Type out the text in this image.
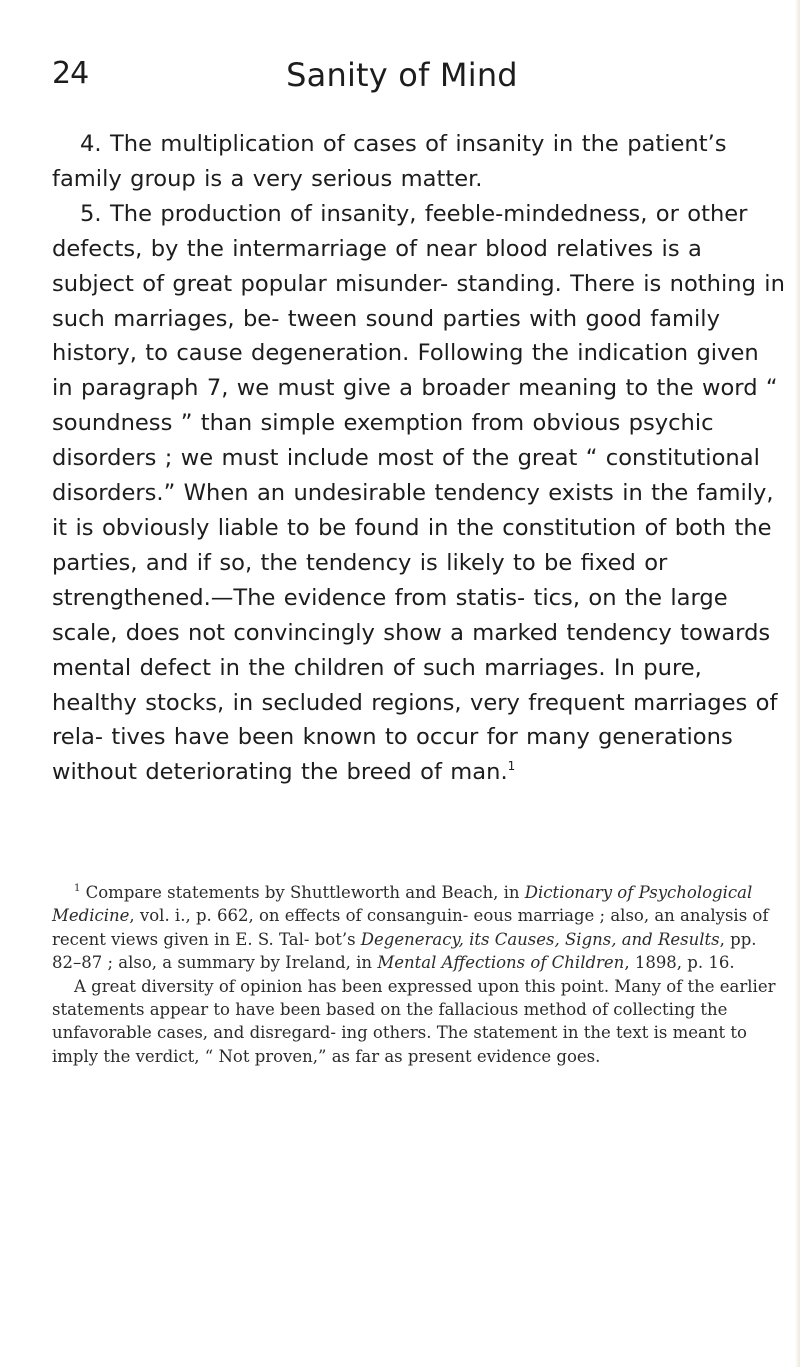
24	Sanity of Mind

4. The multiplication of cases of insanity in the patient’s family group is a very serious matter.

5. The production of insanity, feeble-mindedness, or other defects, by the intermarriage of near blood relatives is a subject of great popular misunder- standing. There is nothing in such marriages, be- tween sound parties with good family history, to cause degeneration. Following the indication given in paragraph 7, we must give a broader meaning to the word “ soundness ” than simple exemption from obvious psychic disorders ; we must include most of the great “ constitutional disorders.” When an undesirable tendency exists in the family, it is obviously liable to be found in the constitution of both the parties, and if so, the tendency is likely to be fixed or strengthened.—The evidence from statis- tics, on the large scale, does not convincingly show a marked tendency towards mental defect in the children of such marriages. In pure, healthy stocks, in secluded regions, very frequent marriages of rela- tives have been known to occur for many generations without deteriorating the breed of man.$^1$

$^1$ Compare statements by Shuttleworth and Beach, in Dictionary of Psychological Medicine, vol. i., p. 662, on effects of consanguin- eous marriage ; also, an analysis of recent views given in E. S. Tal- bot’s Degeneracy, its Causes, Signs, and Results, pp. 82–87 ; also, a summary by Ireland, in Mental Affections of Children, 1898, p. 16.

A great diversity of opinion has been expressed upon this point. Many of the earlier statements appear to have been based on the fallacious method of collecting the unfavorable cases, and disregard- ing others. The statement in the text is meant to imply the verdict, “ Not proven,” as far as present evidence goes.
